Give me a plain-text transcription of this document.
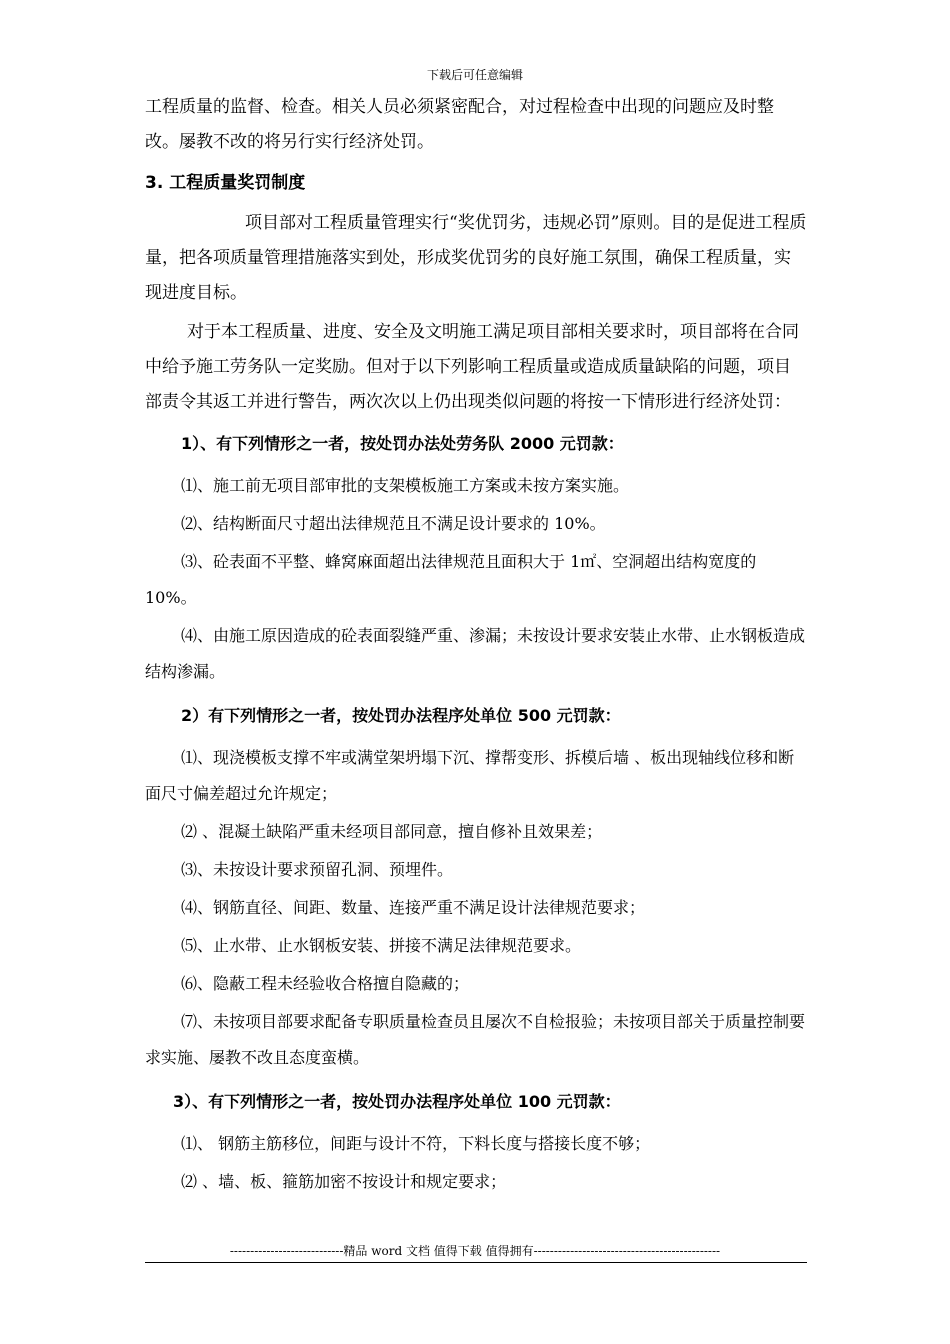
下载后可任意编辑

工程质量的监督、检查。相关人员必须紧密配合，对过程检查中出现的问题应及时整改。屡教不改的将另行实行经济处罚。

3. 工程质量奖罚制度

项目部对工程质量管理实行“奖优罚劣，违规必罚”原则。目的是促进工程质量，把各项质量管理措施落实到处，形成奖优罚劣的良好施工氛围，确保工程质量，实现进度目标。

对于本工程质量、进度、安全及文明施工满足项目部相关要求时，项目部将在合同中给予施工劳务队一定奖励。但对于以下列影响工程质量或造成质量缺陷的问题，项目部责令其返工并进行警告，两次次以上仍出现类似问题的将按一下情形进行经济处罚：

1）、有下列情形之一者，按处罚办法处劳务队 2000 元罚款：

⑴、施工前无项目部审批的支架模板施工方案或未按方案实施。

⑵、结构断面尺寸超出法律规范且不满足设计要求的 10%。

⑶、砼表面不平整、蜂窝麻面超出法律规范且面积大于 1㎡、空洞超出结构宽度的 10%。

⑷、由施工原因造成的砼表面裂缝严重、渗漏；未按设计要求安装止水带、止水钢板造成结构渗漏。

2）有下列情形之一者，按处罚办法程序处单位 500 元罚款：

⑴、现浇模板支撑不牢或满堂架坍塌下沉、撑帮变形、拆模后墙 、板出现轴线位移和断面尺寸偏差超过允许规定；

⑵ 、混凝土缺陷严重未经项目部同意，擅自修补且效果差；

⑶、未按设计要求预留孔洞、预埋件。

⑷、钢筋直径、间距、数量、连接严重不满足设计法律规范要求；

⑸、止水带、止水钢板安装、拼接不满足法律规范要求。

⑹、隐蔽工程未经验收合格擅自隐藏的；

⑺、未按项目部要求配备专职质量检查员且屡次不自检报验；未按项目部关于质量控制要求实施、屡教不改且态度蛮横。

3）、有下列情形之一者，按处罚办法程序处单位 100 元罚款：

⑴、 钢筋主筋移位，间距与设计不符，下料长度与搭接长度不够；

⑵ 、墙、板、箍筋加密不按设计和规定要求；

----------------------------精品 word 文档 值得下载 值得拥有----------------------------------------------
